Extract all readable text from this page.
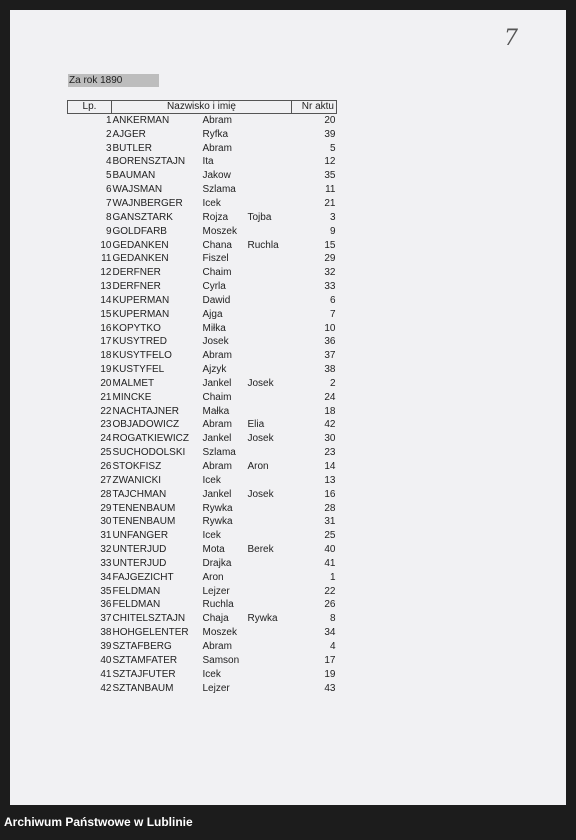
7
Za rok 1890
Lp.	Nazwisko i imię			Nr aktu
1	ANKERMAN	Abram		20
2	AJGER	Ryfka		39
3	BUTLER	Abram		5
4	BORENSZTAJN	Ita		12
5	BAUMAN	Jakow		35
6	WAJSMAN	Szlama		11
7	WAJNBERGER	Icek		21
8	GANSZTARK	Rojza	Tojba	3
9	GOLDFARB	Moszek		9
10	GEDANKEN	Chana	Ruchla	15
11	GEDANKEN	Fiszel		29
12	DERFNER	Chaim		32
13	DERFNER	Cyrla		33
14	KUPERMAN	Dawid		6
15	KUPERMAN	Ajga		7
16	KOPYTKO	Miłka		10
17	KUSYTRED	Josek		36
18	KUSYTFELO	Abram		37
19	KUSTYFEL	Ajzyk		38
20	MALMET	Jankel	Josek	2
21	MINCKE	Chaim		24
22	NACHTAJNER	Małka		18
23	OBJADOWICZ	Abram	Elia	42
24	ROGATKIEWICZ	Jankel	Josek	30
25	SUCHODOLSKI	Szlama		23
26	STOKFISZ	Abram	Aron	14
27	ZWANICKI	Icek		13
28	TAJCHMAN	Jankel	Josek	16
29	TENENBAUM	Rywka		28
30	TENENBAUM	Rywka		31
31	UNFANGER	Icek		25
32	UNTERJUD	Mota	Berek	40
33	UNTERJUD	Drajka		41
34	FAJGEZICHT	Aron		1
35	FELDMAN	Lejzer		22
36	FELDMAN	Ruchla		26
37	CHITELSZTAJN	Chaja	Rywka	8
38	HOHGELENTER	Moszek		34
39	SZTAFBERG	Abram		4
40	SZTAMFATER	Samson		17
41	SZTAJFUTER	Icek		19
42	SZTANBAUM	Lejzer		43
Archiwum Państwowe w Lublinie
